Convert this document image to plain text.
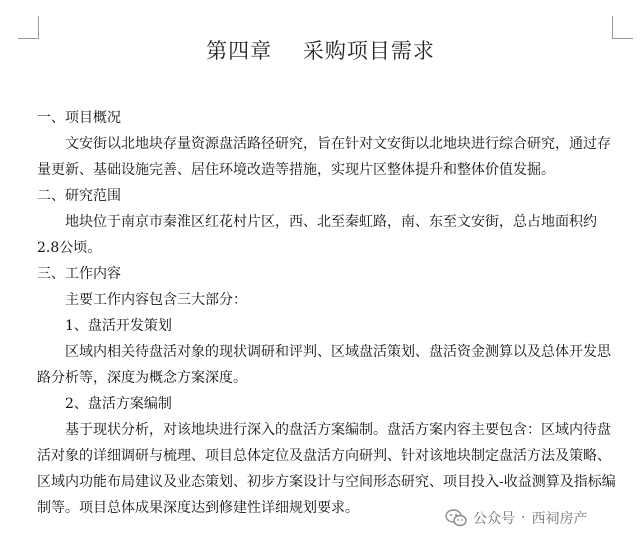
第四章    采购项目需求

一、项目概况

文安街以北地块存量资源盘活路径研究，旨在针对文安街以北地块进行综合研究，通过存量更新、基础设施完善、居住环境改造等措施，实现片区整体提升和整体价值发掘。

二、研究范围

地块位于南京市秦淮区红花村片区，西、北至秦虹路，南、东至文安街，总占地面积约2.8公顷。

三、工作内容

主要工作内容包含三大部分：

1、盘活开发策划

区域内相关待盘活对象的现状调研和评判、区域盘活策划、盘活资金测算以及总体开发思路分析等，深度为概念方案深度。

2、盘活方案编制

基于现状分析，对该地块进行深入的盘活方案编制。盘活方案内容主要包含：区域内待盘活对象的详细调研与梳理、项目总体定位及盘活方向研判、针对该地块制定盘活方法及策略、区域内功能布局建议及业态策划、初步方案设计与空间形态研究、项目投入-收益测算及指标编制等。项目总体成果深度达到修建性详细规划要求。

公众号 · 西祠房产
